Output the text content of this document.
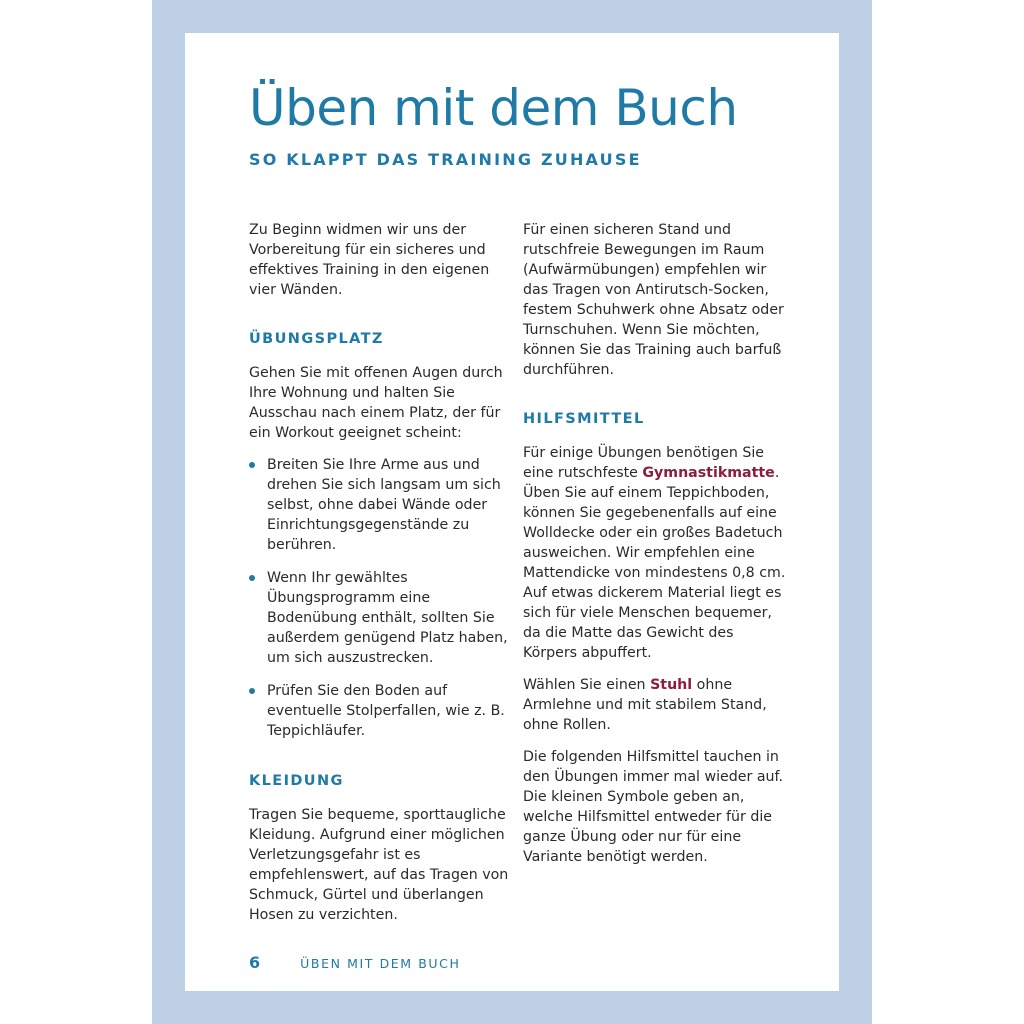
Üben mit dem Buch
SO KLAPPT DAS TRAINING ZUHAUSE

Zu Beginn widmen wir uns der Vorbereitung für ein sicheres und effektives Training in den eigenen vier Wänden.

ÜBUNGSPLATZ

Gehen Sie mit offenen Augen durch Ihre Wohnung und halten Sie Ausschau nach einem Platz, der für ein Workout geeignet scheint:

Breiten Sie Ihre Arme aus und drehen Sie sich langsam um sich selbst, ohne dabei Wände oder Einrichtungsgegenstände zu berühren.
Wenn Ihr gewähltes Übungsprogramm eine Bodenübung enthält, sollten Sie außerdem genügend Platz haben, um sich auszustrecken.
Prüfen Sie den Boden auf eventuelle Stolperfallen, wie z. B. Teppichläufer.
KLEIDUNG

Tragen Sie bequeme, sporttaugliche Kleidung. Aufgrund einer möglichen Verletzungsgefahr ist es empfehlenswert, auf das Tragen von Schmuck, Gürtel und überlangen Hosen zu verzichten.

Für einen sicheren Stand und rutschfreie Bewegungen im Raum (Aufwärmübungen) empfehlen wir das Tragen von Antirutsch-Socken, festem Schuhwerk ohne Absatz oder Turnschuhen. Wenn Sie möchten, können Sie das Training auch barfuß durchführen.

HILFSMITTEL

Für einige Übungen benötigen Sie eine rutschfeste Gymnastikmatte. Üben Sie auf einem Teppichboden, können Sie gegebenenfalls auf eine Wolldecke oder ein großes Badetuch ausweichen. Wir empfehlen eine Mattendicke von mindestens 0,8 cm. Auf etwas dickerem Material liegt es sich für viele Menschen bequemer, da die Matte das Gewicht des Körpers abpuffert.

Wählen Sie einen Stuhl ohne Armlehne und mit stabilem Stand, ohne Rollen.

Die folgenden Hilfsmittel tauchen in den Übungen immer mal wieder auf. Die kleinen Symbole geben an, welche Hilfsmittel entweder für die ganze Übung oder nur für eine Variante benötigt werden.

6	ÜBEN MIT DEM BUCH
